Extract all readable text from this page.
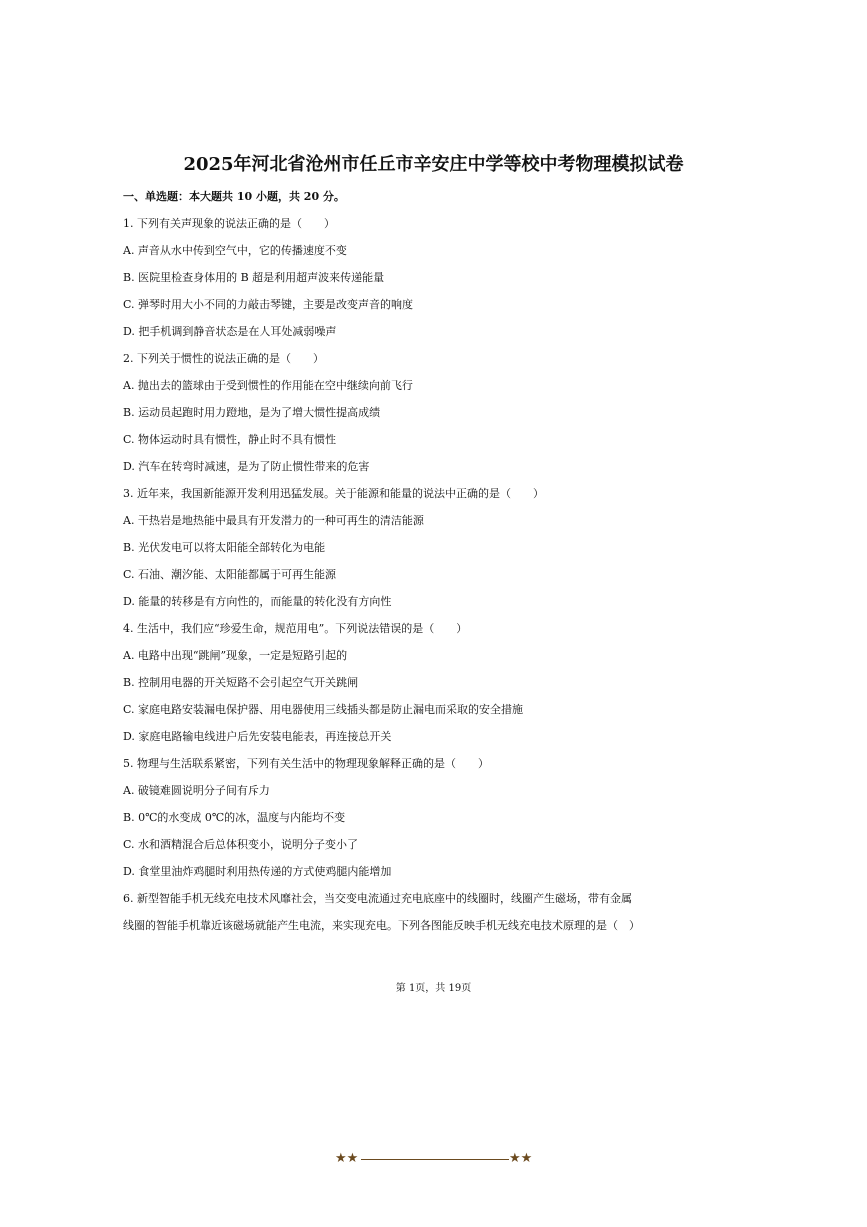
2025年河北省沧州市任丘市辛安庄中学等校中考物理模拟试卷
一、单选题：本大题共 10 小题，共 20 分。
1. 下列有关声现象的说法正确的是（　　）
A. 声音从水中传到空气中，它的传播速度不变
B. 医院里检查身体用的 B 超是利用超声波来传递能量
C. 弹琴时用大小不同的力敲击琴键，主要是改变声音的响度
D. 把手机调到静音状态是在人耳处减弱噪声
2. 下列关于惯性的说法正确的是（　　）
A. 抛出去的篮球由于受到惯性的作用能在空中继续向前飞行
B. 运动员起跑时用力蹬地，是为了增大惯性提高成绩
C. 物体运动时具有惯性，静止时不具有惯性
D. 汽车在转弯时减速，是为了防止惯性带来的危害
3. 近年来，我国新能源开发利用迅猛发展。关于能源和能量的说法中正确的是（　　）
A. 干热岩是地热能中最具有开发潜力的一种可再生的清洁能源
B. 光伏发电可以将太阳能全部转化为电能
C. 石油、潮汐能、太阳能都属于可再生能源
D. 能量的转移是有方向性的，而能量的转化没有方向性
4. 生活中，我们应“珍爱生命，规范用电”。下列说法错误的是（　　）
A. 电路中出现“跳闸”现象，一定是短路引起的
B. 控制用电器的开关短路不会引起空气开关跳闸
C. 家庭电路安装漏电保护器、用电器使用三线插头都是防止漏电而采取的安全措施
D. 家庭电路输电线进户后先安装电能表，再连接总开关
5. 物理与生活联系紧密，下列有关生活中的物理现象解释正确的是（　　）
A. 破镜难圆说明分子间有斥力
B. 0℃的水变成 0℃的冰，温度与内能均不变
C. 水和酒精混合后总体积变小，说明分子变小了
D. 食堂里油炸鸡腿时利用热传递的方式使鸡腿内能增加
6. 新型智能手机无线充电技术风靡社会，当交变电流通过充电底座中的线圈时，线圈产生磁场，带有金属
线圈的智能手机靠近该磁场就能产生电流，来实现充电。下列各图能反映手机无线充电技术原理的是（　）
第 1页，共 19页
★★	★★
